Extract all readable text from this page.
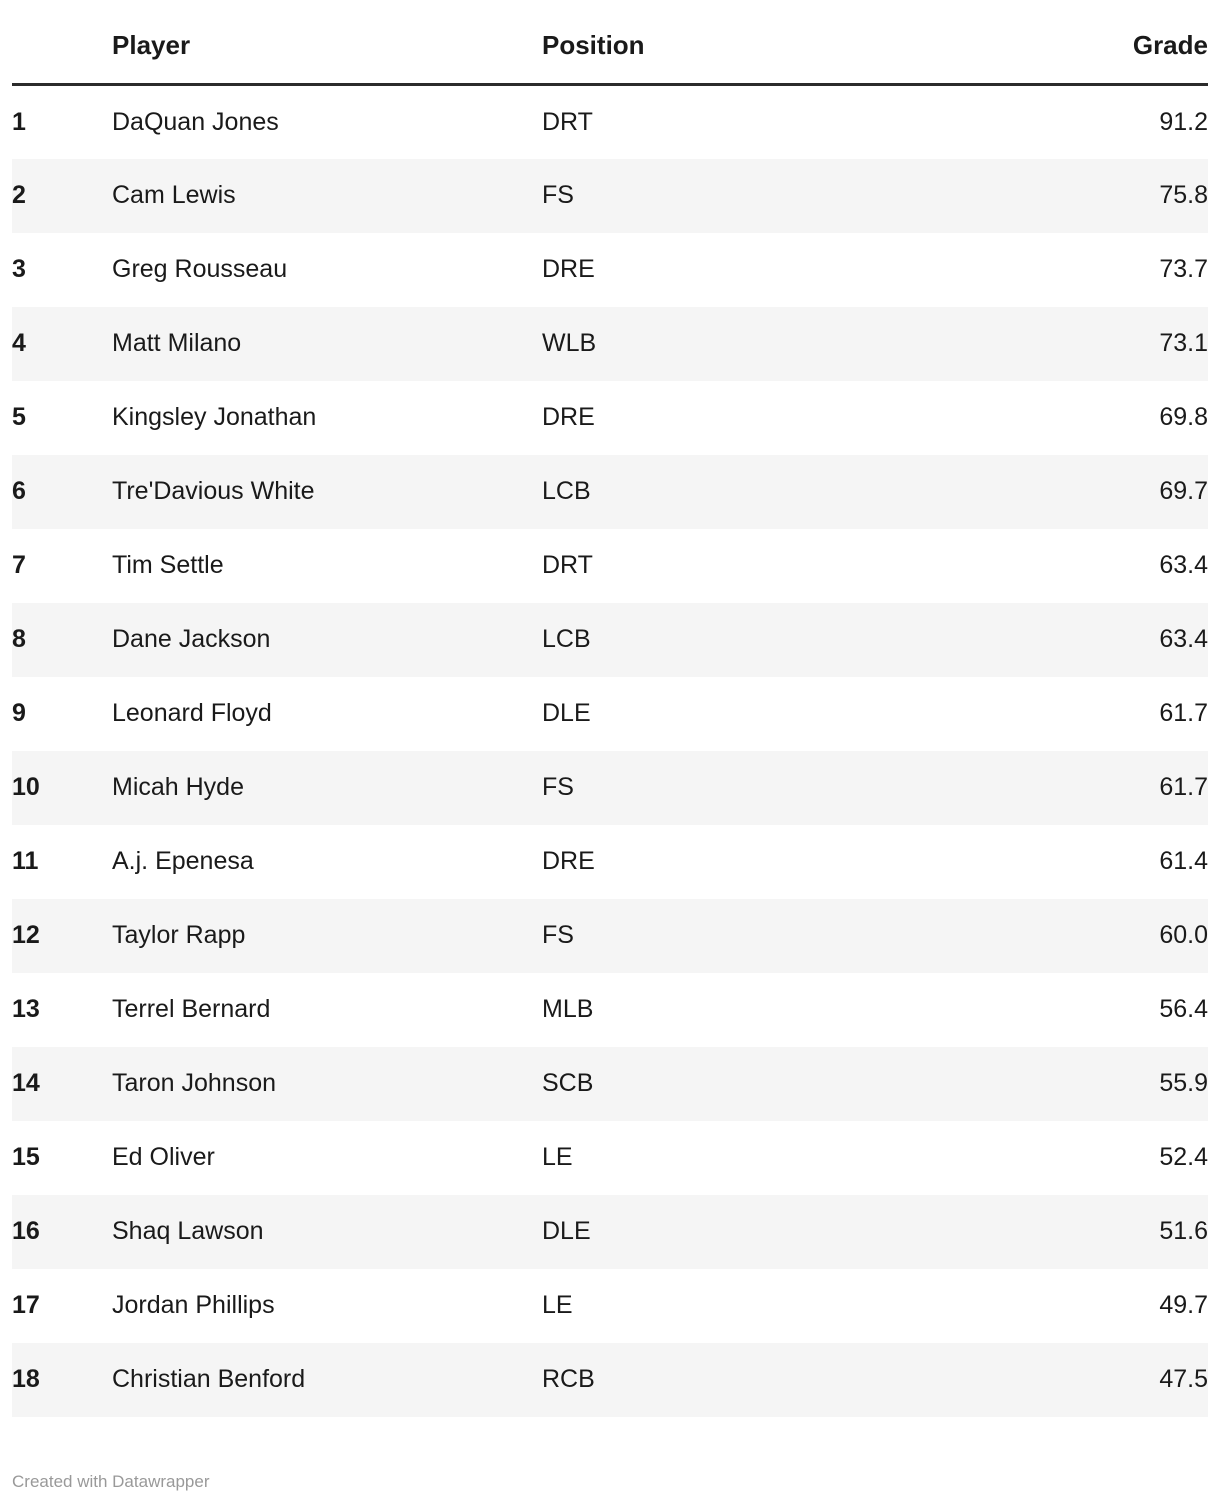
	Player	Position	Grade
1	DaQuan Jones	DRT	91.2
2	Cam Lewis	FS	75.8
3	Greg Rousseau	DRE	73.7
4	Matt Milano	WLB	73.1
5	Kingsley Jonathan	DRE	69.8
6	Tre'Davious White	LCB	69.7
7	Tim Settle	DRT	63.4
8	Dane Jackson	LCB	63.4
9	Leonard Floyd	DLE	61.7
10	Micah Hyde	FS	61.7
11	A.j. Epenesa	DRE	61.4
12	Taylor Rapp	FS	60.0
13	Terrel Bernard	MLB	56.4
14	Taron Johnson	SCB	55.9
15	Ed Oliver	LE	52.4
16	Shaq Lawson	DLE	51.6
17	Jordan Phillips	LE	49.7
18	Christian Benford	RCB	47.5
Created with Datawrapper
